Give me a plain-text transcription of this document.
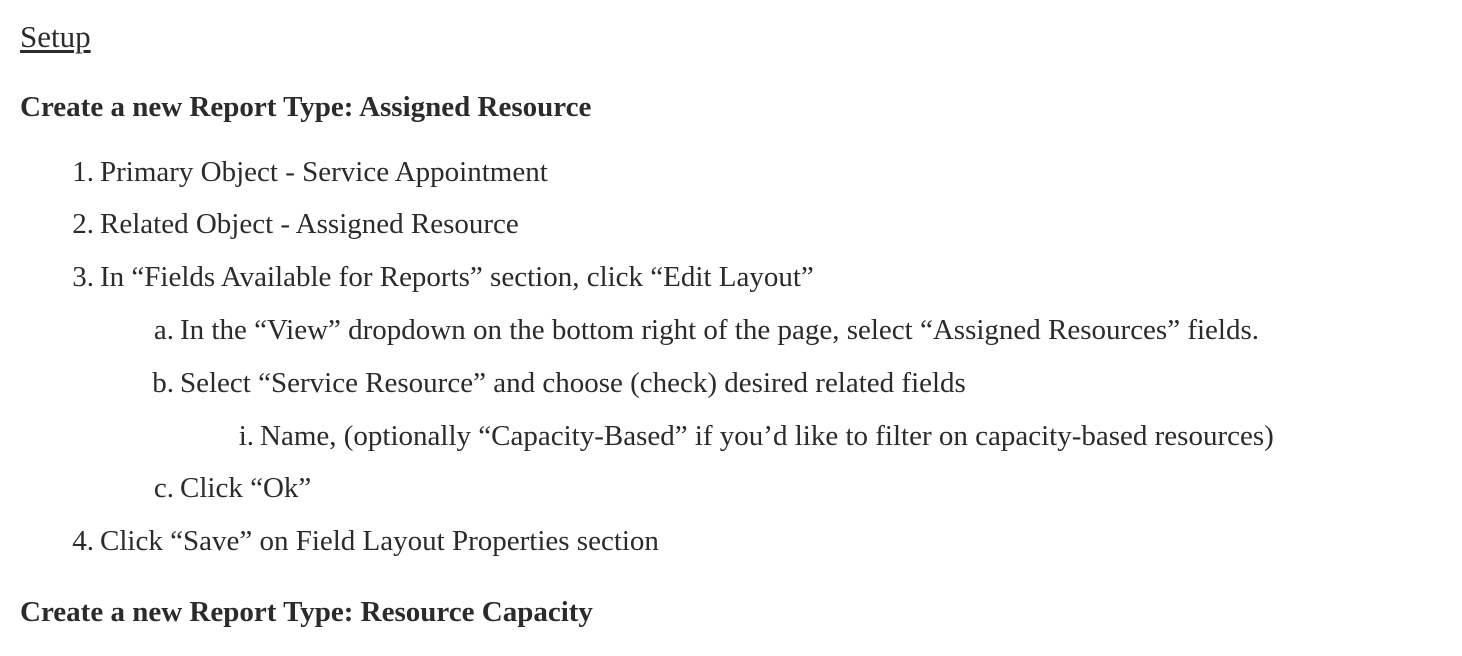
Setup
Create a new Report Type: Assigned Resource
1. Primary Object - Service Appointment
2. Related Object - Assigned Resource
3. In “Fields Available for Reports” section, click “Edit Layout”
a. In the “View” dropdown on the bottom right of the page, select “Assigned Resources” fields.
b. Select “Service Resource” and choose (check) desired related fields
i. Name, (optionally “Capacity-Based” if you’d like to filter on capacity-based resources)
c. Click “Ok”
4. Click “Save” on Field Layout Properties section
Create a new Report Type: Resource Capacity
